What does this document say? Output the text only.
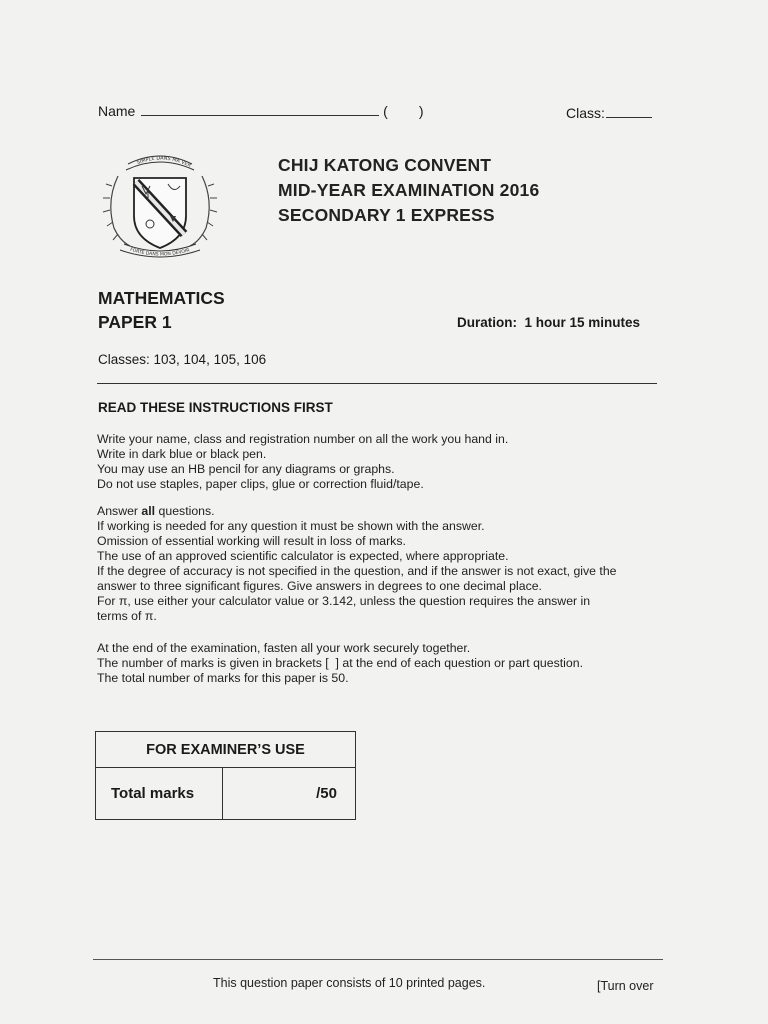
Name	(        )	Class:
SIMPLE DANS MA VER
FORTE DANS MON DEVOIR
CHIJ KATONG CONVENT
MID-YEAR EXAMINATION 2016
SECONDARY 1 EXPRESS
MATHEMATICS
PAPER 1	Duration:  1 hour 15 minutes
Classes: 103, 104, 105, 106
READ THESE INSTRUCTIONS FIRST
Write your name, class and registration number on all the work you hand in.
Write in dark blue or black pen.
You may use an HB pencil for any diagrams or graphs.
Do not use staples, paper clips, glue or correction fluid/tape.
Answer all questions.
If working is needed for any question it must be shown with the answer.
Omission of essential working will result in loss of marks.
The use of an approved scientific calculator is expected, where appropriate.
If the degree of accuracy is not specified in the question, and if the answer is not exact, give the
answer to three significant figures. Give answers in degrees to one decimal place.
For π, use either your calculator value or 3.142, unless the question requires the answer in
terms of π.
At the end of the examination, fasten all your work securely together.
The number of marks is given in brackets [  ] at the end of each question or part question.
The total number of marks for this paper is 50.
FOR EXAMINER’S USE
Total marks	/50
This question paper consists of 10 printed pages.	[Turn over
